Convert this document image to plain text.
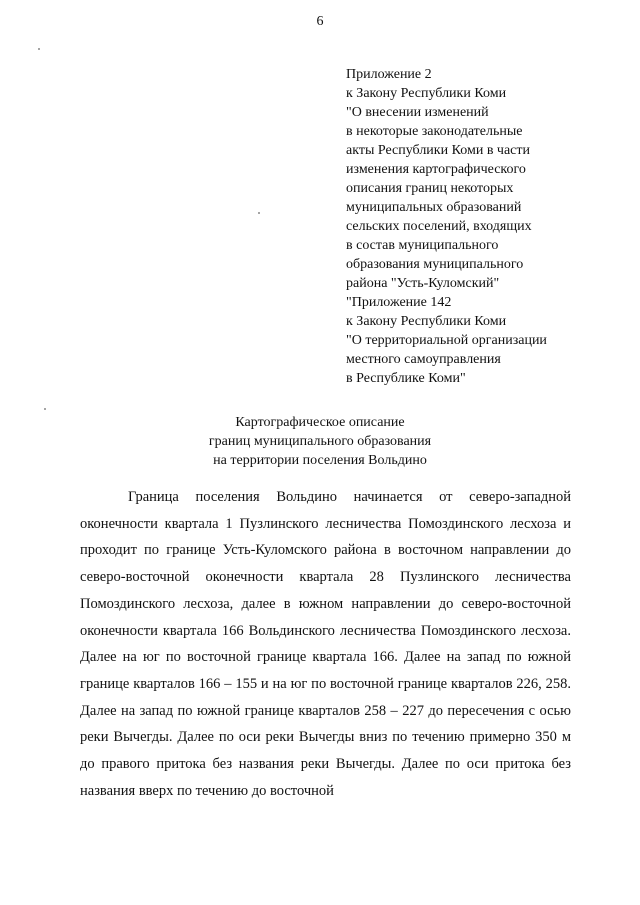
6
Приложение 2
к Закону Республики Коми
"О внесении изменений
в некоторые законодательные
акты Республики Коми в части
изменения картографического
описания границ некоторых
муниципальных образований
сельских поселений, входящих
в состав муниципального
образования муниципального
района "Усть-Куломский"
"Приложение 142
к Закону Республики Коми
"О территориальной организации
местного самоуправления
в Республике Коми"
Картографическое описание
границ муниципального образования
на территории поселения Вольдино
Граница поселения Вольдино начинается от северо-западной оконечности квартала 1 Пузлинского лесничества Помоздинского лесхоза и проходит по границе Усть-Куломского района в восточном направлении до северо-восточной оконечности квартала 28 Пузлинского лесничества Помоздинского лесхоза, далее в южном направлении до северо-восточной оконечности квартала 166 Вольдинского лесничества Помоздинского лесхоза. Далее на юг по восточной границе квартала 166. Далее на запад по южной границе кварталов 166 – 155 и на юг по восточной границе кварталов 226, 258. Далее на запад по южной границе кварталов 258 – 227 до пересечения с осью реки Вычегды. Далее по оси реки Вычегды вниз по течению примерно 350 м до правого притока без названия реки Вычегды. Далее по оси притока без названия вверх по течению до восточной
